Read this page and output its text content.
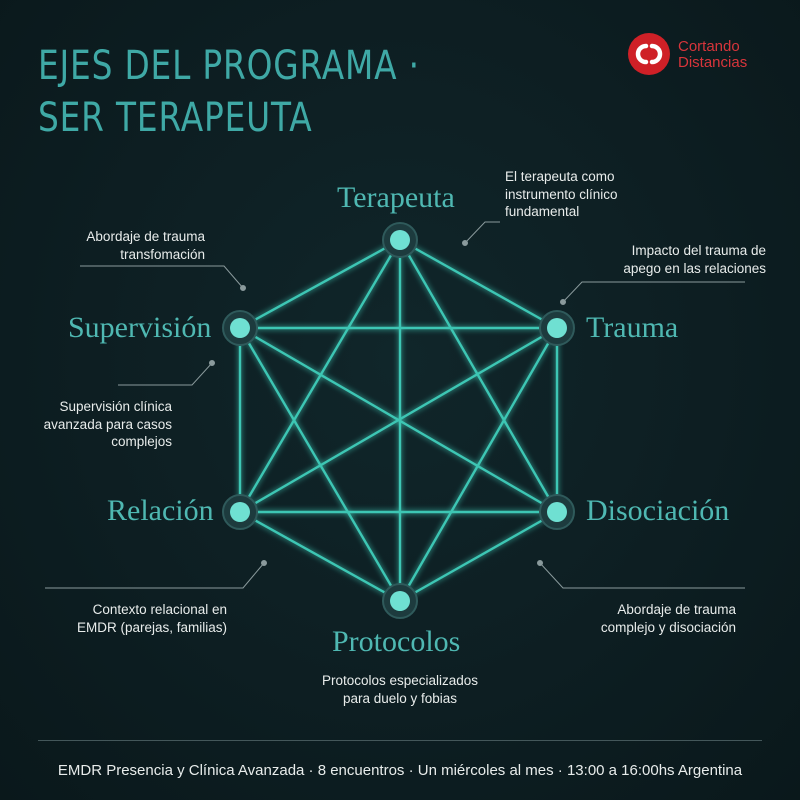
EJES DEL PROGRAMA ·
SER TERAPEUTA
Cortando
Distancias
Terapeuta
Trauma
Disociación
Protocolos
Relación
Supervisión
El terapeuta como
instrumento clínico
fundamental
Impacto del trauma de
apego en las relaciones
Abordaje de trauma
complejo y disociación
Protocolos especializados
para duelo y fobias
Contexto relacional en
EMDR (parejas, familias)
Supervisión clínica
avanzada para casos
complejos
Abordaje de trauma
transfomación
EMDR Presencia y Clínica Avanzada · 8 encuentros · Un miércoles al mes · 13:00 a 16:00hs Argentina
